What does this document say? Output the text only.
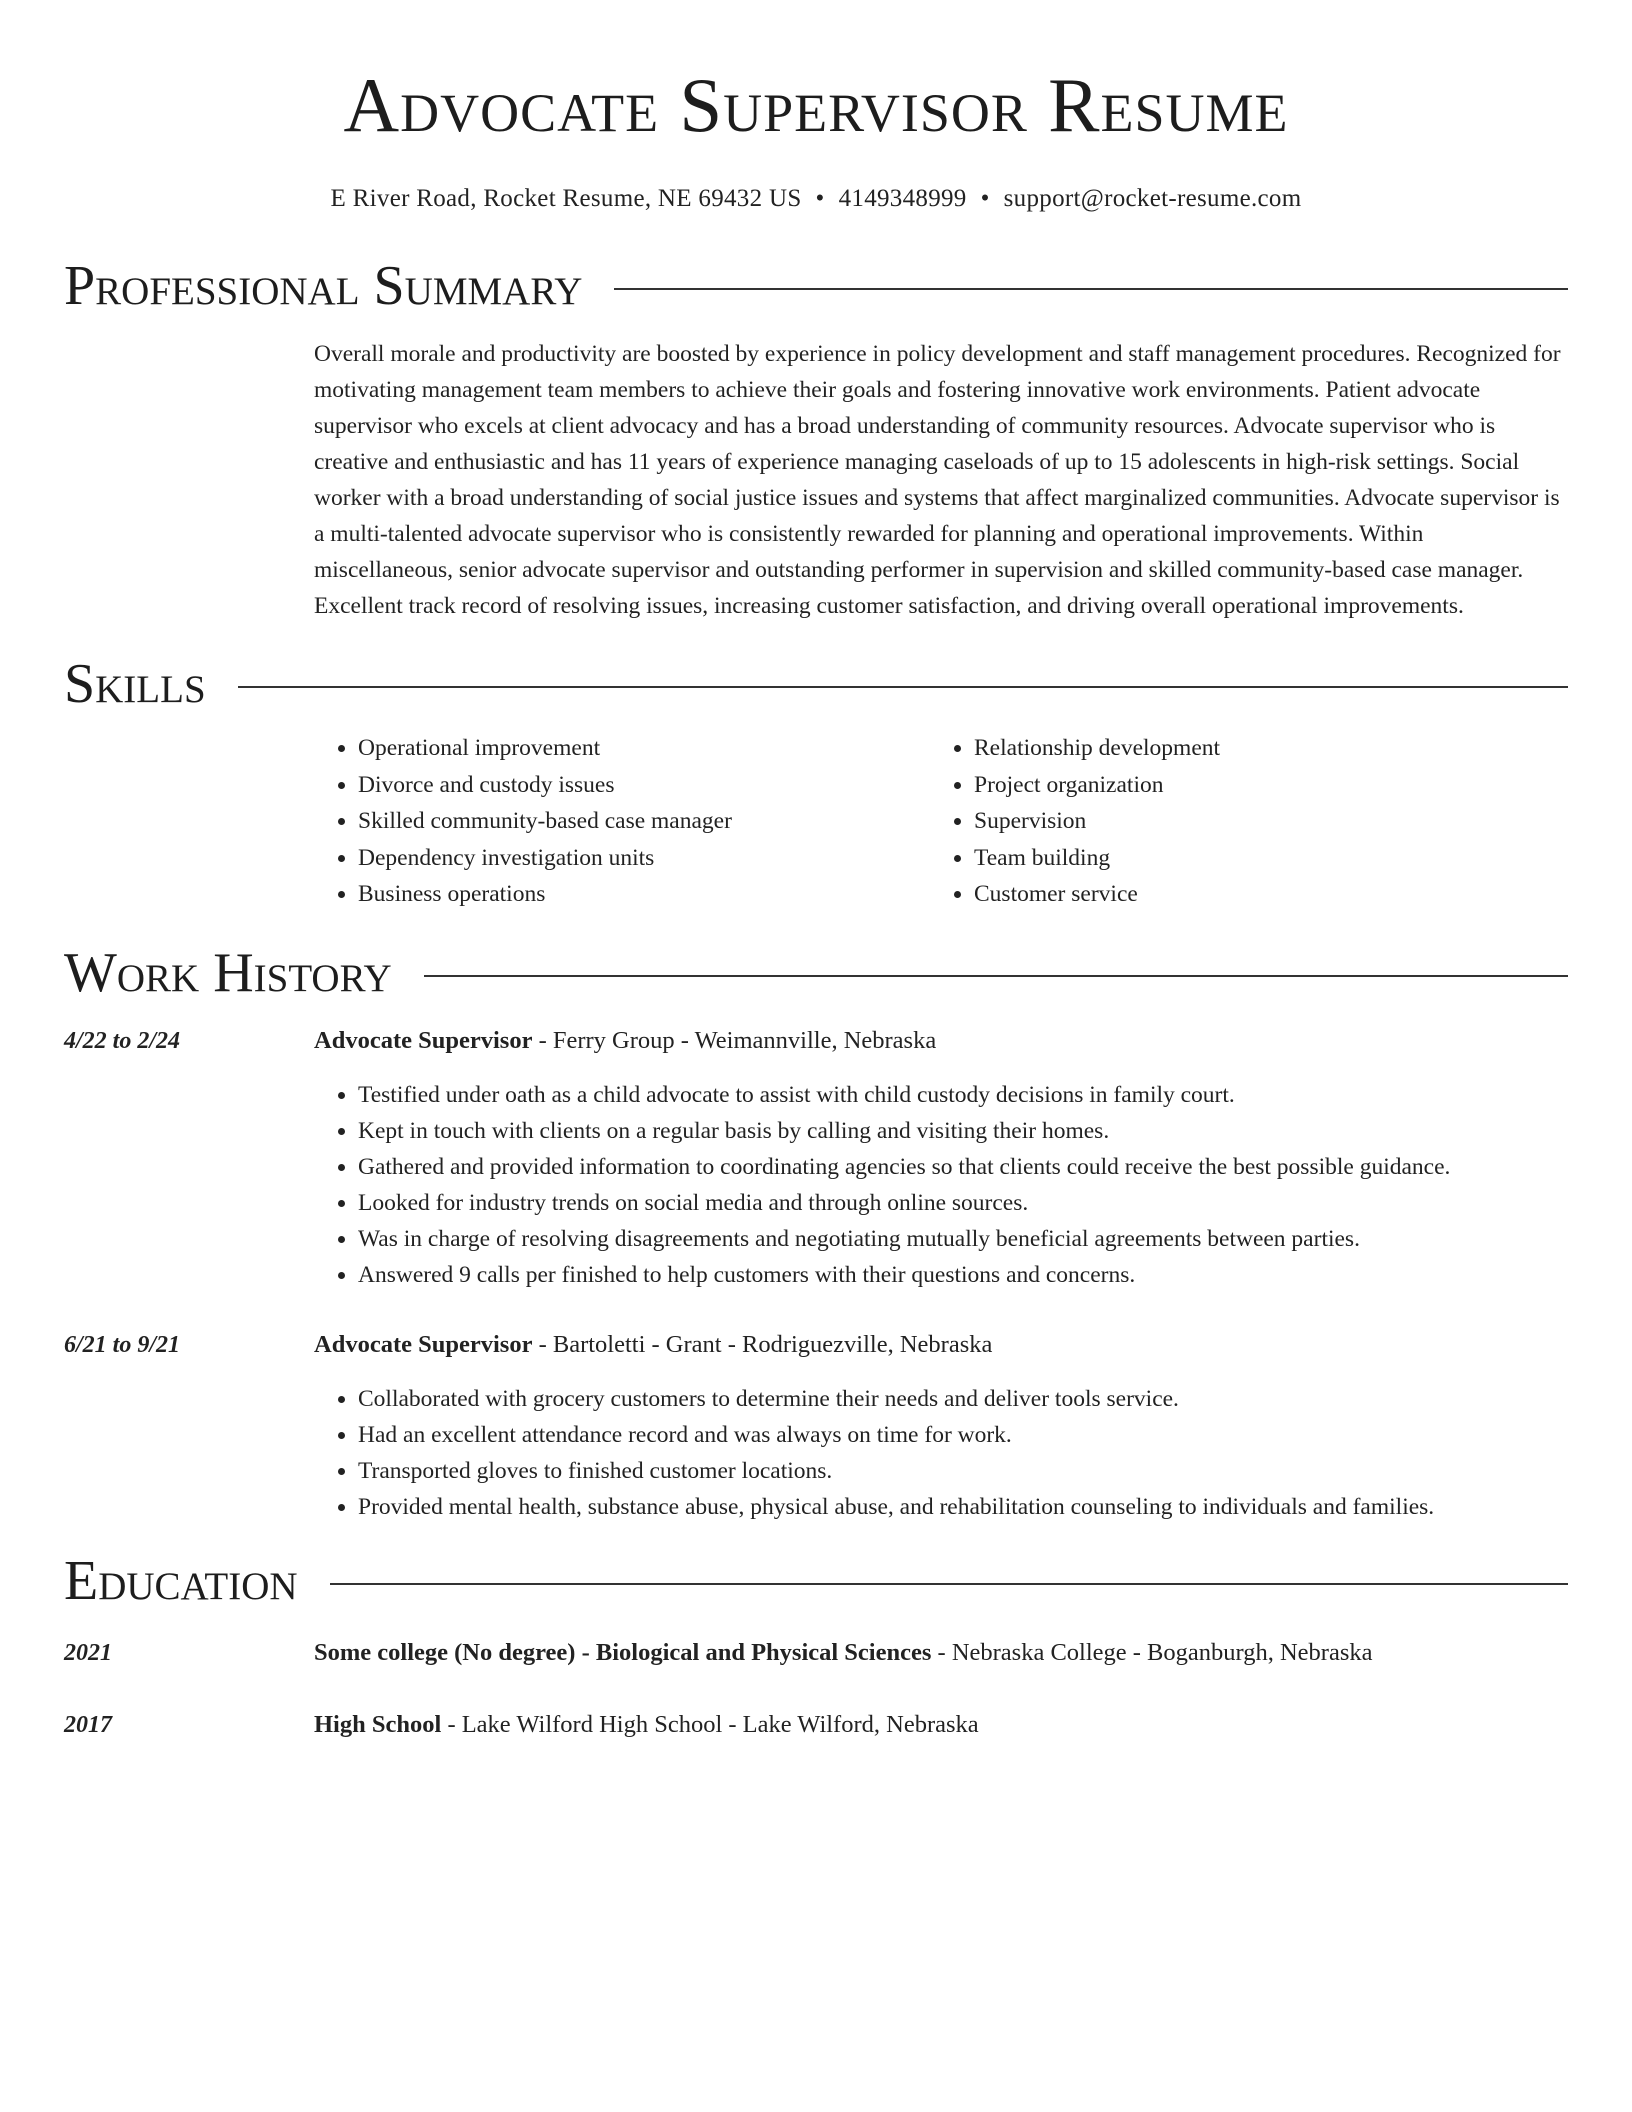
Advocate Supervisor Resume
E River Road, Rocket Resume, NE 69432 US • 4149348999 • support@rocket-resume.com
Professional Summary
Overall morale and productivity are boosted by experience in policy development and staff management procedures. Recognized for motivating management team members to achieve their goals and fostering innovative work environments. Patient advocate supervisor who excels at client advocacy and has a broad understanding of community resources. Advocate supervisor who is creative and enthusiastic and has 11 years of experience managing caseloads of up to 15 adolescents in high-risk settings. Social worker with a broad understanding of social justice issues and systems that affect marginalized communities. Advocate supervisor is a multi-talented advocate supervisor who is consistently rewarded for planning and operational improvements. Within miscellaneous, senior advocate supervisor and outstanding performer in supervision and skilled community-based case manager. Excellent track record of resolving issues, increasing customer satisfaction, and driving overall operational improvements.
Skills
• Operational improvement
• Divorce and custody issues
• Skilled community-based case manager
• Dependency investigation units
• Business operations
• Relationship development
• Project organization
• Supervision
• Team building
• Customer service
Work History
4/22 to 2/24	Advocate Supervisor - Ferry Group - Weimannville, Nebraska
• Testified under oath as a child advocate to assist with child custody decisions in family court.
• Kept in touch with clients on a regular basis by calling and visiting their homes.
• Gathered and provided information to coordinating agencies so that clients could receive the best possible guidance.
• Looked for industry trends on social media and through online sources.
• Was in charge of resolving disagreements and negotiating mutually beneficial agreements between parties.
• Answered 9 calls per finished to help customers with their questions and concerns.
6/21 to 9/21	Advocate Supervisor - Bartoletti - Grant - Rodriguezville, Nebraska
• Collaborated with grocery customers to determine their needs and deliver tools service.
• Had an excellent attendance record and was always on time for work.
• Transported gloves to finished customer locations.
• Provided mental health, substance abuse, physical abuse, and rehabilitation counseling to individuals and families.
Education
2021	Some college (No degree) - Biological and Physical Sciences - Nebraska College - Boganburgh, Nebraska
2017	High School - Lake Wilford High School - Lake Wilford, Nebraska
